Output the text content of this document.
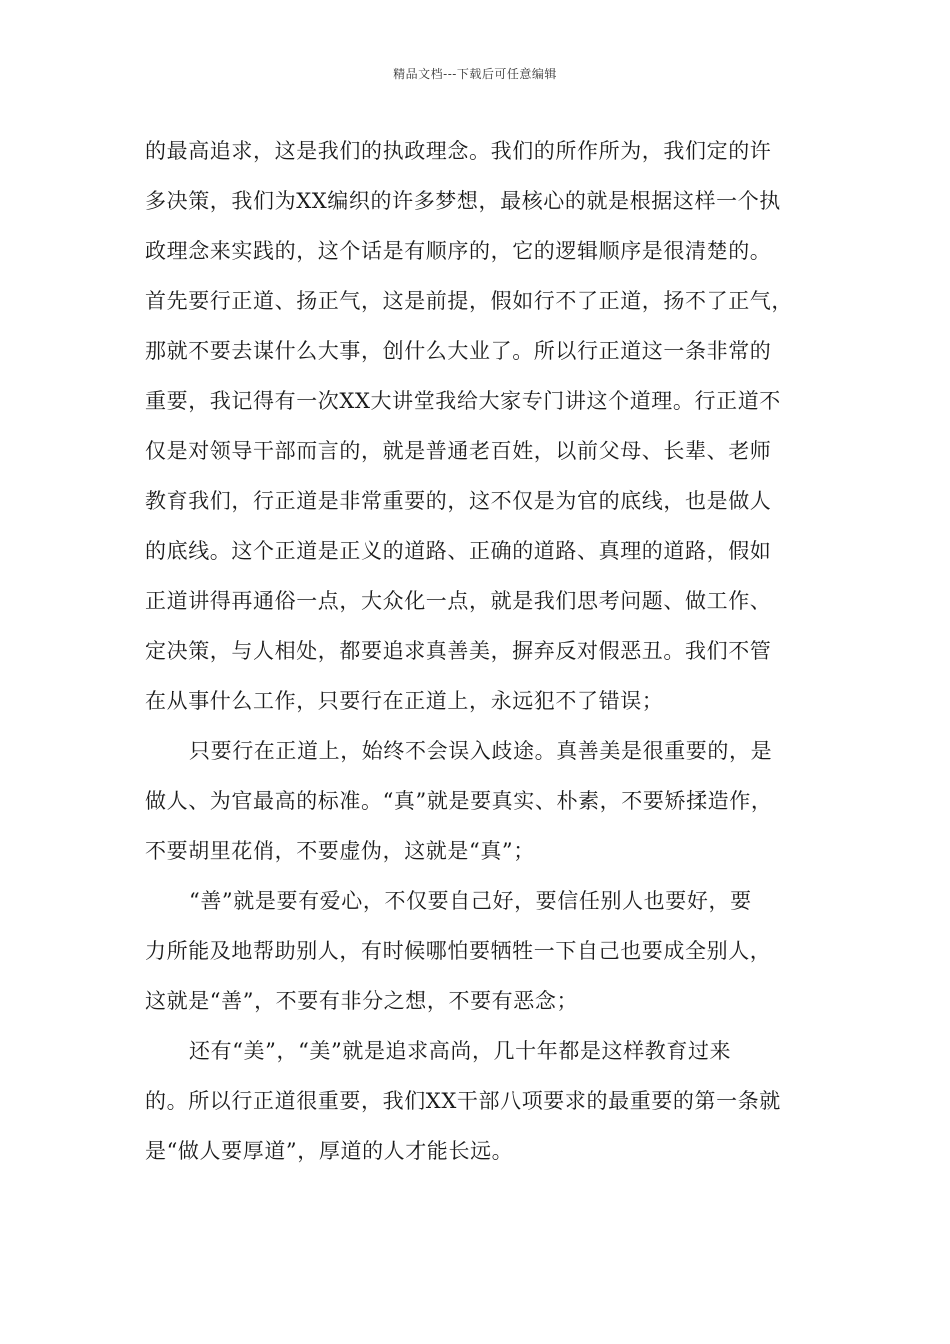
精品文档---下载后可任意编辑
的最高追求，这是我们的执政理念。我们的所作所为，我们定的许
多决策，我们为XX编织的许多梦想，最核心的就是根据这样一个执
政理念来实践的，这个话是有顺序的，它的逻辑顺序是很清楚的。
首先要行正道、扬正气，这是前提，假如行不了正道，扬不了正气，
那就不要去谋什么大事，创什么大业了。所以行正道这一条非常的
重要，我记得有一次XX大讲堂我给大家专门讲这个道理。行正道不
仅是对领导干部而言的，就是普通老百姓，以前父母、长辈、老师
教育我们，行正道是非常重要的，这不仅是为官的底线，也是做人
的底线。这个正道是正义的道路、正确的道路、真理的道路，假如
正道讲得再通俗一点，大众化一点，就是我们思考问题、做工作、
定决策，与人相处，都要追求真善美，摒弃反对假恶丑。我们不管
在从事什么工作，只要行在正道上，永远犯不了错误；
只要行在正道上，始终不会误入歧途。真善美是很重要的，是
做人、为官最高的标准。“真”就是要真实、朴素，不要矫揉造作，
不要胡里花俏，不要虚伪，这就是“真”；
“善”就是要有爱心，不仅要自己好，要信任别人也要好，要
力所能及地帮助别人，有时候哪怕要牺牲一下自己也要成全别人，
这就是“善”，不要有非分之想，不要有恶念；
还有“美”，“美”就是追求高尚，几十年都是这样教育过来
的。所以行正道很重要，我们XX干部八项要求的最重要的第一条就
是“做人要厚道”，厚道的人才能长远。
